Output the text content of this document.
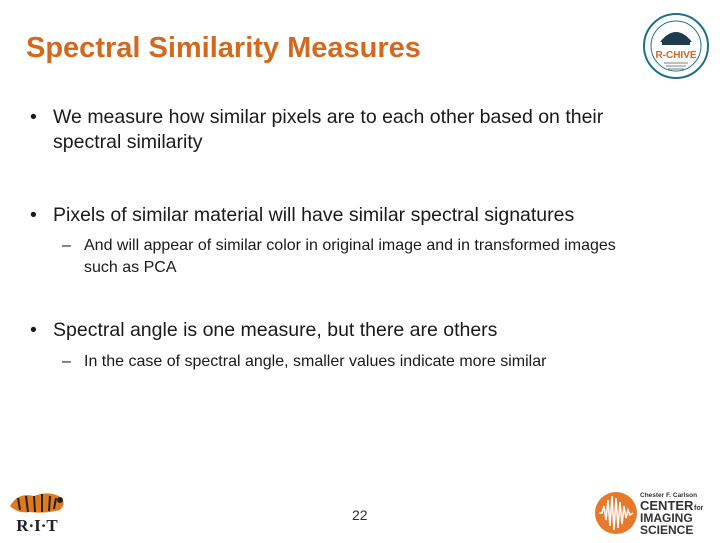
Spectral Similarity Measures	R-CHIVE
• We measure how similar pixels are to each other based on their spectral similarity
• Pixels of similar material will have similar spectral signatures
– And will appear of similar color in original image and in transformed images such as PCA
• Spectral angle is one measure, but there are others
– In the case of spectral angle, smaller values indicate more similar
R·I·T
22
Chester F. Carlson
CENTER for
IMAGING
SCIENCE
